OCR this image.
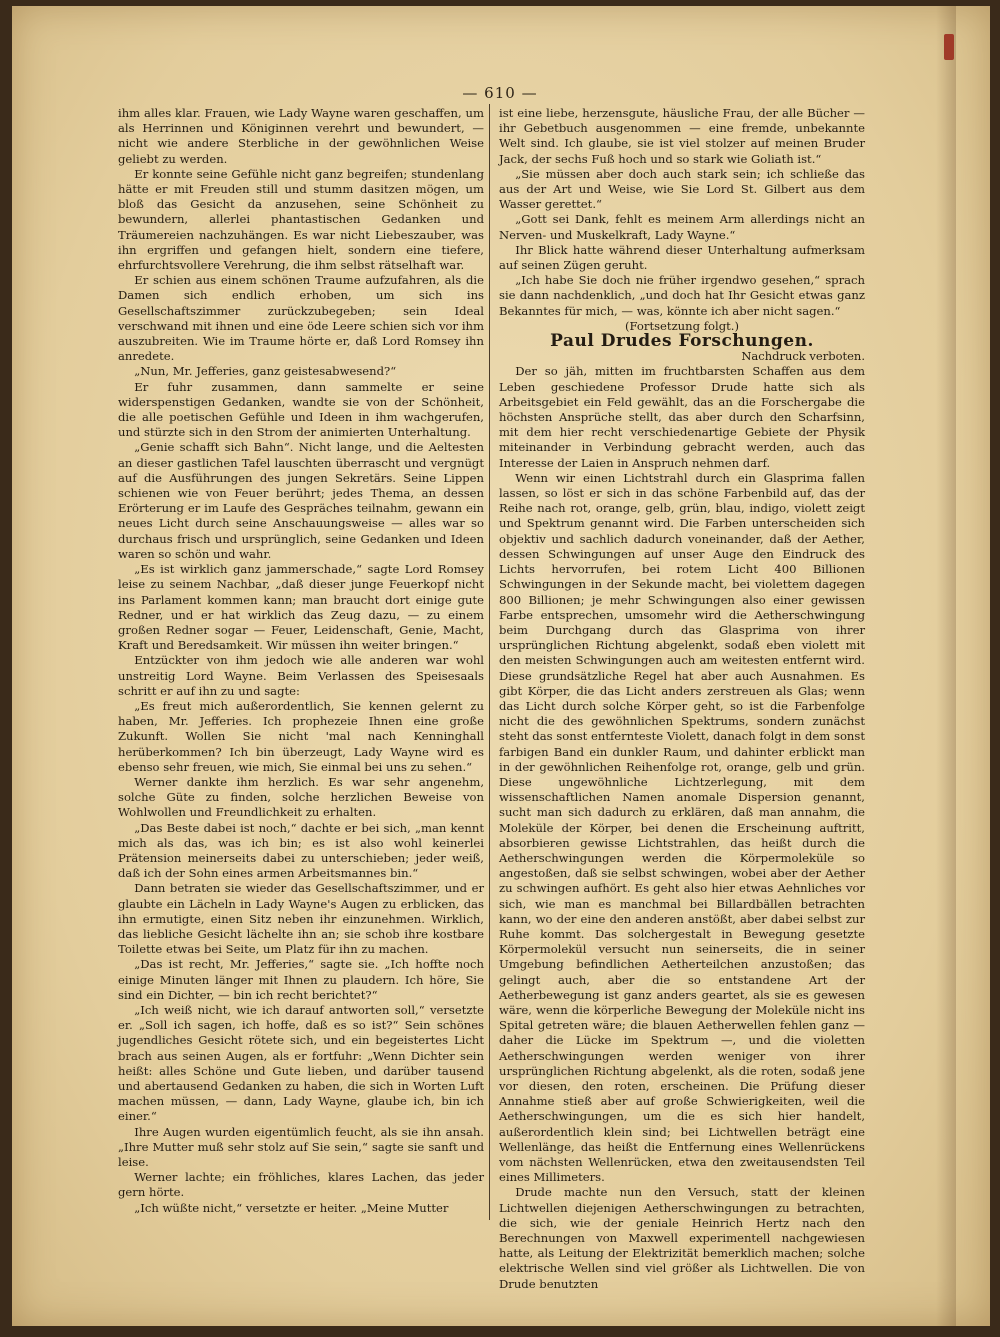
— 610 —

ihm alles klar. Frauen, wie Lady Wayne waren geschaffen, um als Herrinnen und Königinnen verehrt und bewundert, — nicht wie andere Sterbliche in der gewöhnlichen Weise geliebt zu werden.

Er konnte seine Gefühle nicht ganz begreifen; stundenlang hätte er mit Freuden still und stumm dasitzen mögen, um bloß das Gesicht da anzusehen, seine Schönheit zu bewundern, allerlei phantastischen Gedanken und Träumereien nachzuhängen. Es war nicht Liebeszauber, was ihn ergriffen und gefangen hielt, sondern eine tiefere, ehrfurchtsvollere Verehrung, die ihm selbst rätselhaft war.

Er schien aus einem schönen Traume aufzufahren, als die Damen sich endlich erhoben, um sich ins Gesellschaftszimmer zurückzubegeben; sein Ideal verschwand mit ihnen und eine öde Leere schien sich vor ihm auszubreiten. Wie im Traume hörte er, daß Lord Romsey ihn anredete.

„Nun, Mr. Jefferies, ganz geistesabwesend?“

Er fuhr zusammen, dann sammelte er seine widerspenstigen Gedanken, wandte sie von der Schönheit, die alle poetischen Gefühle und Ideen in ihm wachgerufen, und stürzte sich in den Strom der animierten Unterhaltung.

„Genie schafft sich Bahn“. Nicht lange, und die Aeltesten an dieser gastlichen Tafel lauschten überrascht und vergnügt auf die Ausführungen des jungen Sekretärs. Seine Lippen schienen wie von Feuer berührt; jedes Thema, an dessen Erörterung er im Laufe des Gespräches teilnahm, gewann ein neues Licht durch seine Anschauungsweise — alles war so durchaus frisch und ursprünglich, seine Gedanken und Ideen waren so schön und wahr.

„Es ist wirklich ganz jammerschade,“ sagte Lord Romsey leise zu seinem Nachbar, „daß dieser junge Feuerkopf nicht ins Parlament kommen kann; man braucht dort einige gute Redner, und er hat wirklich das Zeug dazu, — zu einem großen Redner sogar — Feuer, Leidenschaft, Genie, Macht, Kraft und Beredsamkeit. Wir müssen ihn weiter bringen.“

Entzückter von ihm jedoch wie alle anderen war wohl unstreitig Lord Wayne. Beim Verlassen des Speisesaals schritt er auf ihn zu und sagte:

„Es freut mich außerordentlich, Sie kennen gelernt zu haben, Mr. Jefferies. Ich prophezeie Ihnen eine große Zukunft. Wollen Sie nicht 'mal nach Kenninghall herüberkommen? Ich bin überzeugt, Lady Wayne wird es ebenso sehr freuen, wie mich, Sie einmal bei uns zu sehen.“

Werner dankte ihm herzlich. Es war sehr angenehm, solche Güte zu finden, solche herzlichen Beweise von Wohlwollen und Freundlichkeit zu erhalten.

„Das Beste dabei ist noch,“ dachte er bei sich, „man kennt mich als das, was ich bin; es ist also wohl keinerlei Prätension meinerseits dabei zu unterschieben; jeder weiß, daß ich der Sohn eines armen Arbeitsmannes bin.“

Dann betraten sie wieder das Gesellschaftszimmer, und er glaubte ein Lächeln in Lady Wayne's Augen zu erblicken, das ihn ermutigte, einen Sitz neben ihr einzunehmen. Wirklich, das liebliche Gesicht lächelte ihn an; sie schob ihre kostbare Toilette etwas bei Seite, um Platz für ihn zu machen.

„Das ist recht, Mr. Jefferies,“ sagte sie. „Ich hoffte noch einige Minuten länger mit Ihnen zu plaudern. Ich höre, Sie sind ein Dichter, — bin ich recht berichtet?“

„Ich weiß nicht, wie ich darauf antworten soll,“ versetzte er. „Soll ich sagen, ich hoffe, daß es so ist?“ Sein schönes jugendliches Gesicht rötete sich, und ein begeistertes Licht brach aus seinen Augen, als er fortfuhr: „Wenn Dichter sein heißt: alles Schöne und Gute lieben, und darüber tausend und abertausend Gedanken zu haben, die sich in Worten Luft machen müssen, — dann, Lady Wayne, glaube ich, bin ich einer.“

Ihre Augen wurden eigentümlich feucht, als sie ihn ansah. „Ihre Mutter muß sehr stolz auf Sie sein,“ sagte sie sanft und leise.

Werner lachte; ein fröhliches, klares Lachen, das jeder gern hörte.

„Ich wüßte nicht,“ versetzte er heiter. „Meine Mutter

ist eine liebe, herzensgute, häusliche Frau, der alle Bücher — ihr Gebetbuch ausgenommen — eine fremde, unbekannte Welt sind. Ich glaube, sie ist viel stolzer auf meinen Bruder Jack, der sechs Fuß hoch und so stark wie Goliath ist.“

„Sie müssen aber doch auch stark sein; ich schließe das aus der Art und Weise, wie Sie Lord St. Gilbert aus dem Wasser gerettet.“

„Gott sei Dank, fehlt es meinem Arm allerdings nicht an Nerven- und Muskelkraft, Lady Wayne.“

Ihr Blick hatte während dieser Unterhaltung aufmerksam auf seinen Zügen geruht.

„Ich habe Sie doch nie früher irgendwo gesehen,“ sprach sie dann nachdenklich, „und doch hat Ihr Gesicht etwas ganz Bekanntes für mich, — was, könnte ich aber nicht sagen.“

(Fortsetzung folgt.)

Paul Drudes Forschungen.

Nachdruck verboten.

Der so jäh, mitten im fruchtbarsten Schaffen aus dem Leben geschiedene Professor Drude hatte sich als Arbeitsgebiet ein Feld gewählt, das an die Forschergabe die höchsten Ansprüche stellt, das aber durch den Scharfsinn, mit dem hier recht verschiedenartige Gebiete der Physik miteinander in Verbindung gebracht werden, auch das Interesse der Laien in Anspruch nehmen darf.

Wenn wir einen Lichtstrahl durch ein Glasprima fallen lassen, so löst er sich in das schöne Farbenbild auf, das der Reihe nach rot, orange, gelb, grün, blau, indigo, violett zeigt und Spektrum genannt wird. Die Farben unterscheiden sich objektiv und sachlich dadurch voneinander, daß der Aether, dessen Schwingungen auf unser Auge den Eindruck des Lichts hervorrufen, bei rotem Licht 400 Billionen Schwingungen in der Sekunde macht, bei violettem dagegen 800 Billionen; je mehr Schwingungen also einer gewissen Farbe entsprechen, umsomehr wird die Aetherschwingung beim Durchgang durch das Glasprima von ihrer ursprünglichen Richtung abgelenkt, sodaß eben violett mit den meisten Schwingungen auch am weitesten entfernt wird. Diese grundsätzliche Regel hat aber auch Ausnahmen. Es gibt Körper, die das Licht anders zerstreuen als Glas; wenn das Licht durch solche Körper geht, so ist die Farbenfolge nicht die des gewöhnlichen Spektrums, sondern zunächst steht das sonst entfernteste Violett, danach folgt in dem sonst farbigen Band ein dunkler Raum, und dahinter erblickt man in der gewöhnlichen Reihenfolge rot, orange, gelb und grün. Diese ungewöhnliche Lichtzerlegung, mit dem wissenschaftlichen Namen anomale Dispersion genannt, sucht man sich dadurch zu erklären, daß man annahm, die Moleküle der Körper, bei denen die Erscheinung auftritt, absorbieren gewisse Lichtstrahlen, das heißt durch die Aetherschwingungen werden die Körpermoleküle so angestoßen, daß sie selbst schwingen, wobei aber der Aether zu schwingen aufhört. Es geht also hier etwas Aehnliches vor sich, wie man es manchmal bei Billardbällen betrachten kann, wo der eine den anderen anstößt, aber dabei selbst zur Ruhe kommt. Das solchergestalt in Bewegung gesetzte Körpermolekül versucht nun seinerseits, die in seiner Umgebung befindlichen Aetherteilchen anzustoßen; das gelingt auch, aber die so entstandene Art der Aetherbewegung ist ganz anders geartet, als sie es gewesen wäre, wenn die körperliche Bewegung der Moleküle nicht ins Spital getreten wäre; die blauen Aetherwellen fehlen ganz — daher die Lücke im Spektrum —, und die violetten Aetherschwingungen werden weniger von ihrer ursprünglichen Richtung abgelenkt, als die roten, sodaß jene vor diesen, den roten, erscheinen. Die Prüfung dieser Annahme stieß aber auf große Schwierigkeiten, weil die Aetherschwingungen, um die es sich hier handelt, außerordentlich klein sind; bei Lichtwellen beträgt eine Wellenlänge, das heißt die Entfernung eines Wellenrückens vom nächsten Wellenrücken, etwa den zweitausendsten Teil eines Millimeters.

Drude machte nun den Versuch, statt der kleinen Lichtwellen diejenigen Aetherschwingungen zu betrachten, die sich, wie der geniale Heinrich Hertz nach den Berechnungen von Maxwell experimentell nachgewiesen hatte, als Leitung der Elektrizität bemerklich machen; solche elektrische Wellen sind viel größer als Lichtwellen. Die von Drude benutzten
